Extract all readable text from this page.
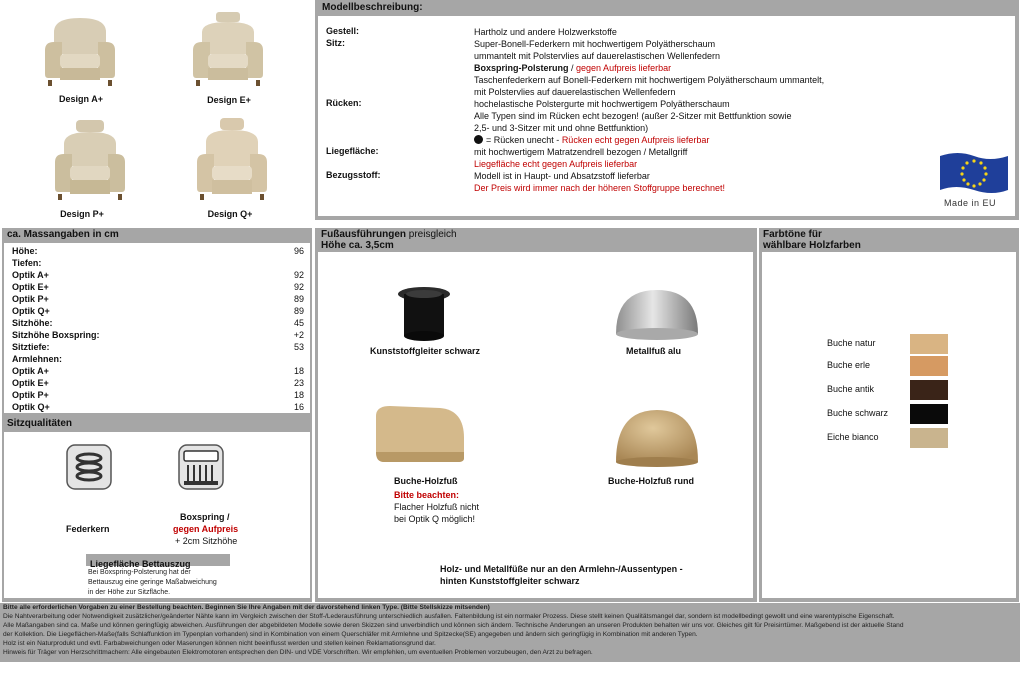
Design A+	Design E+
Design P+	Design Q+
Modellbeschreibung:
Gestell:	Hartholz und andere Holzwerkstoffe
Sitz:	Super-Bonell-Federkern mit hochwertigem Polyätherschaum
ummantelt mit Polstervlies auf dauerelastischen Wellenfedern
Boxspring-Polsterung / gegen Aufpreis lieferbar
Taschenfederkern auf Bonell-Federkern mit hochwertigem Polyätherschaum ummantelt,
mit Polstervlies auf dauerelastischen Wellenfedern
Rücken:	hochelastische Polstergurte mit hochwertigem Polyätherschaum
Alle Typen sind im Rücken echt bezogen! (außer 2-Sitzer mit Bettfunktion sowie
2,5- und 3-Sitzer mit und ohne Bettfunktion)
= Rücken unecht - Rücken echt gegen Aufpreis lieferbar
Liegefläche:	mit hochwertigem Matratzendrell bezogen / Metallgriff
Liegefläche echt gegen Aufpreis lieferbar
Bezugsstoff:	Modell ist in Haupt- und Absatzstoff lieferbar
Der Preis wird immer nach der höheren Stoffgruppe berechnet!
Made in EU
ca. Massangaben in cm
Höhe:	96
Tiefen:
Optik A+	92
Optik E+	92
Optik P+	89
Optik Q+	89
Sitzhöhe:	45
Sitzhöhe Boxspring:	+2
Sitztiefe:	53
Armlehnen:
Optik A+	18
Optik E+	23
Optik P+	18
Optik Q+	16
Sitzqualitäten
Federkern
Boxspring /
gegen Aufpreis
+ 2cm Sitzhöhe
Liegefläche Bettauszug
Bei Boxspring-Polsterung hat der
Bettauszug eine geringe Maßabweichung
in der Höhe zur Sitzfläche.
Fußausführungen preisgleich
Höhe ca. 3,5cm
Kunststoffgleiter schwarz	Metallfuß alu
Buche-Holzfuß
Bitte beachten:
Flacher Holzfuß nicht
bei Optik Q möglich!
Buche-Holzfuß rund
Holz- und Metallfüße nur an den Armlehn-/Aussentypen -
hinten Kunststoffgleiter schwarz
Farbtöne für
wählbare Holzfarben
Buche natur
Buche erle
Buche antik
Buche schwarz
Eiche bianco
Bitte alle erforderlichen Vorgaben zu einer Bestellung beachten. Beginnen Sie Ihre Angaben mit der davorstehend linken Type. (Bitte Stellskizze mitsenden)
Die Nahtverarbeitung oder Notwendigkeit zusätzlicher/geänderter Nähte kann im Vergleich zwischen der Stoff-/Lederausführung unterschiedlich ausfallen. Faltenbildung ist ein normaler Prozess. Diese stellt keinen Qualitätsmangel dar, sondern ist modellbedingt gewollt und eine warentypische Eigenschaft.
Alle Maßangaben sind ca. Maße und können geringfügig abweichen. Ausführungen der abgebildeten Modelle sowie deren Skizzen sind unverbindlich und können sich ändern. Technische Änderungen an unseren Produkten behalten wir uns vor. Gleiches gilt für Preisirrtümer. Maßgebend ist der aktuelle Stand
der Kollektion. Die Liegeflächen-Maße(falls Schlaffunktion im Typenplan vorhanden) sind in Kombination von einem Querschläfer mit Armlehne und Spitzecke(SE) angegeben und ändern sich geringfügig in Kombination mit anderen Typen.
Holz ist ein Naturprodukt und evtl. Farbabweichungen oder Maserungen können nicht beeinflusst werden und stellen keinen Reklamationsgrund dar.
Hinweis für Träger von Herzschrittmachern: Alle eingebauten Elektromotoren entsprechen den DIN- und VDE Vorschriften. Wir empfehlen, um eventuellen Problemen vorzubeugen, den Arzt zu befragen.
